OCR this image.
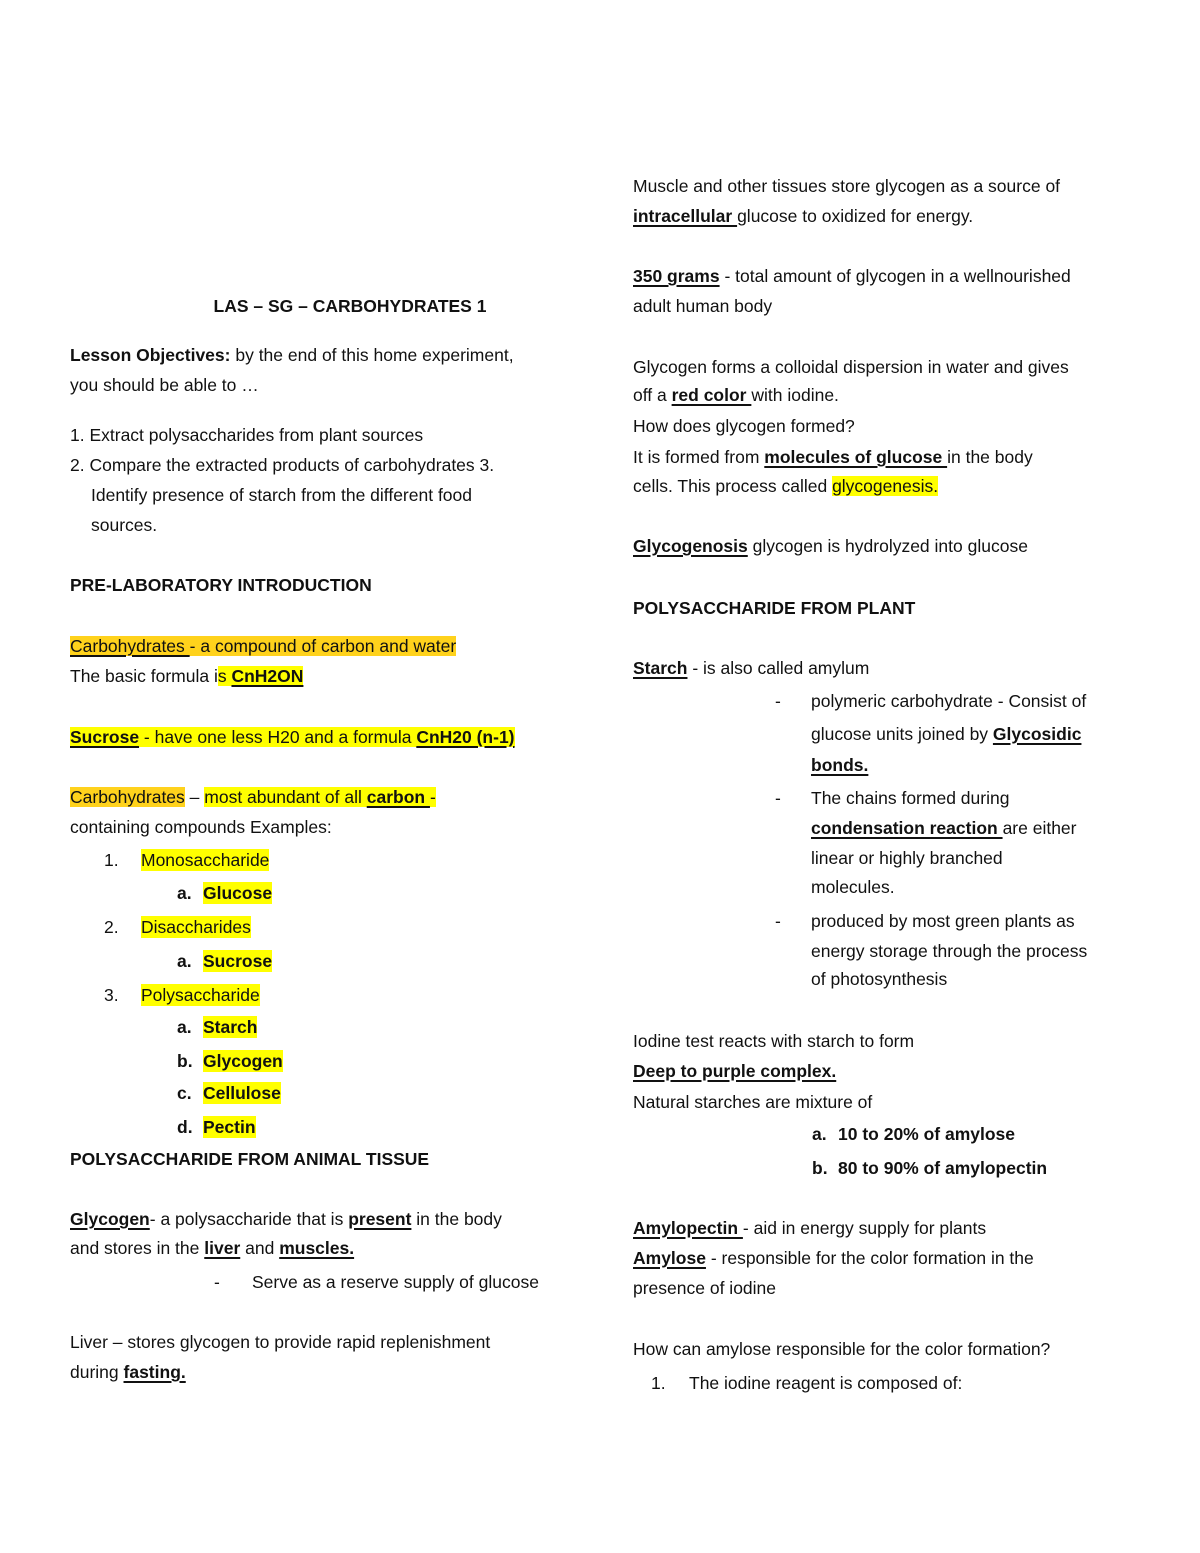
LAS – SG – CARBOHYDRATES 1
Lesson Objectives: by the end of this home experiment,
you should be able to …
1. Extract polysaccharides from plant sources
2. Compare the extracted products of carbohydrates 3.
Identify presence of starch from the different food
sources.
PRE-LABORATORY INTRODUCTION
Carbohydrates - a compound of carbon and water
The basic formula is CnH2ON
Sucrose - have one less H20 and a formula CnH20 (n-1)
Carbohydrates – most abundant of all carbon -
containing compounds Examples:
1. Monosaccharide
a. Glucose
2. Disaccharides
a. Sucrose
3. Polysaccharide
a. Starch
b. Glycogen
c. Cellulose
d. Pectin
POLYSACCHARIDE FROM ANIMAL TISSUE
Glycogen- a polysaccharide that is present in the body
and stores in the liver and muscles.
- Serve as a reserve supply of glucose
Liver – stores glycogen to provide rapid replenishment
during fasting.
Muscle and other tissues store glycogen as a source of
intracellular glucose to oxidized for energy.
350 grams - total amount of glycogen in a wellnourished
adult human body
Glycogen forms a colloidal dispersion in water and gives
off a red color with iodine.
How does glycogen formed?
It is formed from molecules of glucose in the body
cells. This process called glycogenesis.
Glycogenosis glycogen is hydrolyzed into glucose
POLYSACCHARIDE FROM PLANT
Starch - is also called amylum
- polymeric carbohydrate - Consist of
glucose units joined by Glycosidic
bonds.
- The chains formed during
condensation reaction are either
linear or highly branched
molecules.
- produced by most green plants as
energy storage through the process
of photosynthesis
Iodine test reacts with starch to form
Deep to purple complex.
Natural starches are mixture of
a. 10 to 20% of amylose
b. 80 to 90% of amylopectin
Amylopectin - aid in energy supply for plants
Amylose - responsible for the color formation in the
presence of iodine
How can amylose responsible for the color formation?
1. The iodine reagent is composed of:
